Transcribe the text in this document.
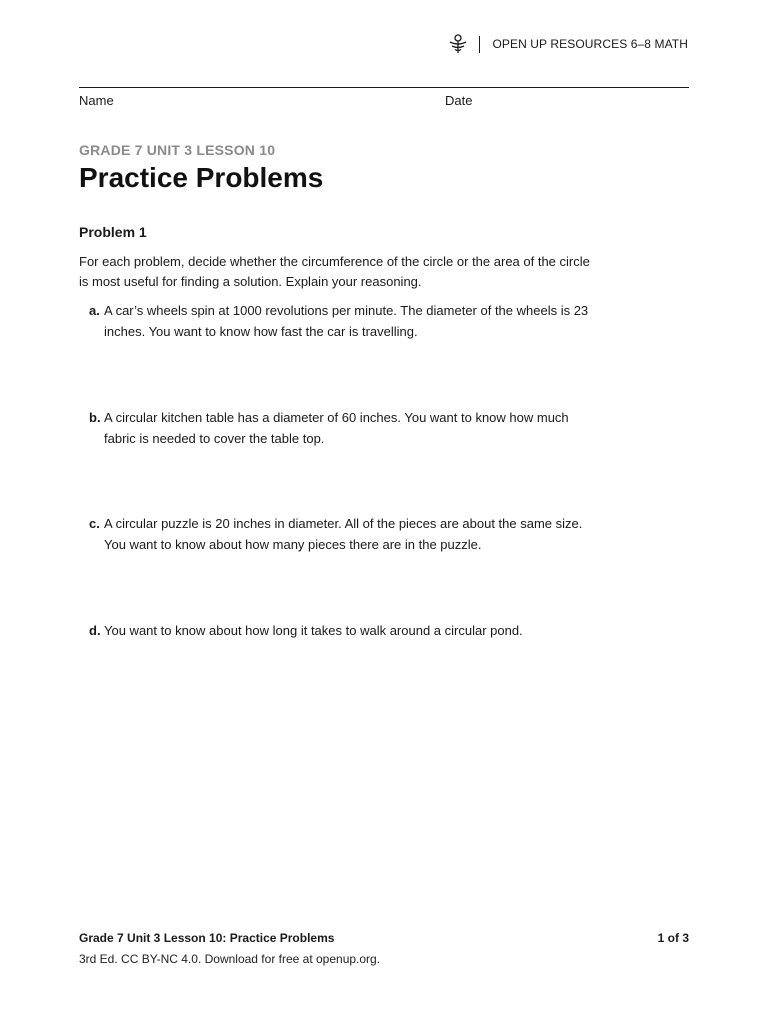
OPEN UP RESOURCES 6–8 MATH
Name	Date
GRADE 7 UNIT 3 LESSON 10
Practice Problems
Problem 1
For each problem, decide whether the circumference of the circle or the area of the circle is most useful for finding a solution. Explain your reasoning.
a. A car’s wheels spin at 1000 revolutions per minute. The diameter of the wheels is 23 inches. You want to know how fast the car is travelling.
b. A circular kitchen table has a diameter of 60 inches. You want to know how much fabric is needed to cover the table top.
c. A circular puzzle is 20 inches in diameter. All of the pieces are about the same size. You want to know about how many pieces there are in the puzzle.
d. You want to know about how long it takes to walk around a circular pond.
Grade 7 Unit 3 Lesson 10: Practice Problems	1 of 3
3rd Ed. CC BY-NC 4.0. Download for free at openup.org.
